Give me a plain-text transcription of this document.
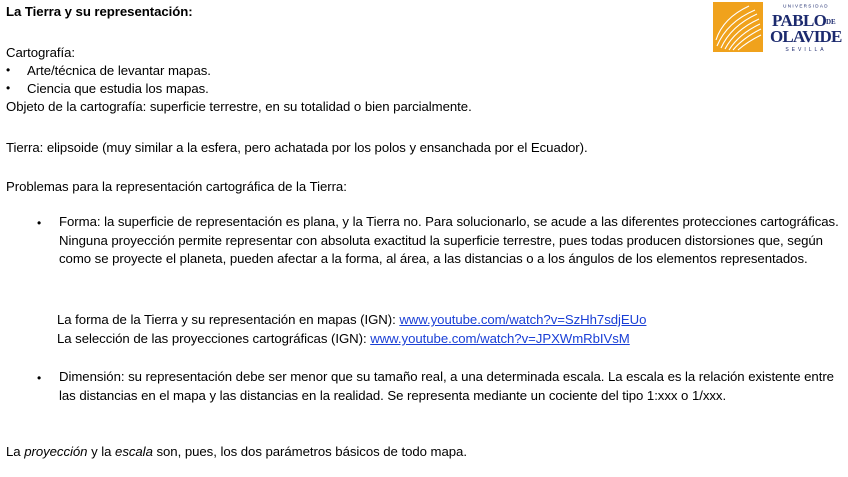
La Tierra y su representación:
Cartografía:
• Arte/técnica de levantar mapas.
• Ciencia que estudia los mapas.
Objeto de la cartografía: superficie terrestre, en su totalidad o bien parcialmente.
Tierra: elipsoide (muy similar a la esfera, pero achatada por los polos y ensanchada por el Ecuador).
Problemas para la representación cartográfica de la Tierra:
• Forma: la superficie de representación es plana, y la Tierra no. Para solucionarlo, se acude a las diferentes protecciones cartográficas. Ninguna proyección permite representar con absoluta exactitud la superficie terrestre, pues todas producen distorsiones que, según como se proyecte el planeta, pueden afectar a la forma, al área, a las distancias o a los ángulos de los elementos representados.
La forma de la Tierra y su representación en mapas (IGN): www.youtube.com/watch?v=SzHh7sdjEUo
La selección de las proyecciones cartográficas (IGN): www.youtube.com/watch?v=JPXWmRbIVsM
• Dimensión: su representación debe ser menor que su tamaño real, a una determinada escala. La escala es la relación existente entre las distancias en el mapa y las distancias en la realidad. Se representa mediante un cociente del tipo 1:xxx o 1/xxx.
La proyección y la escala son, pues, los dos parámetros básicos de todo mapa.
UNIVERSIDAD
PABLO DE
OLAVIDE
SEVILLA
